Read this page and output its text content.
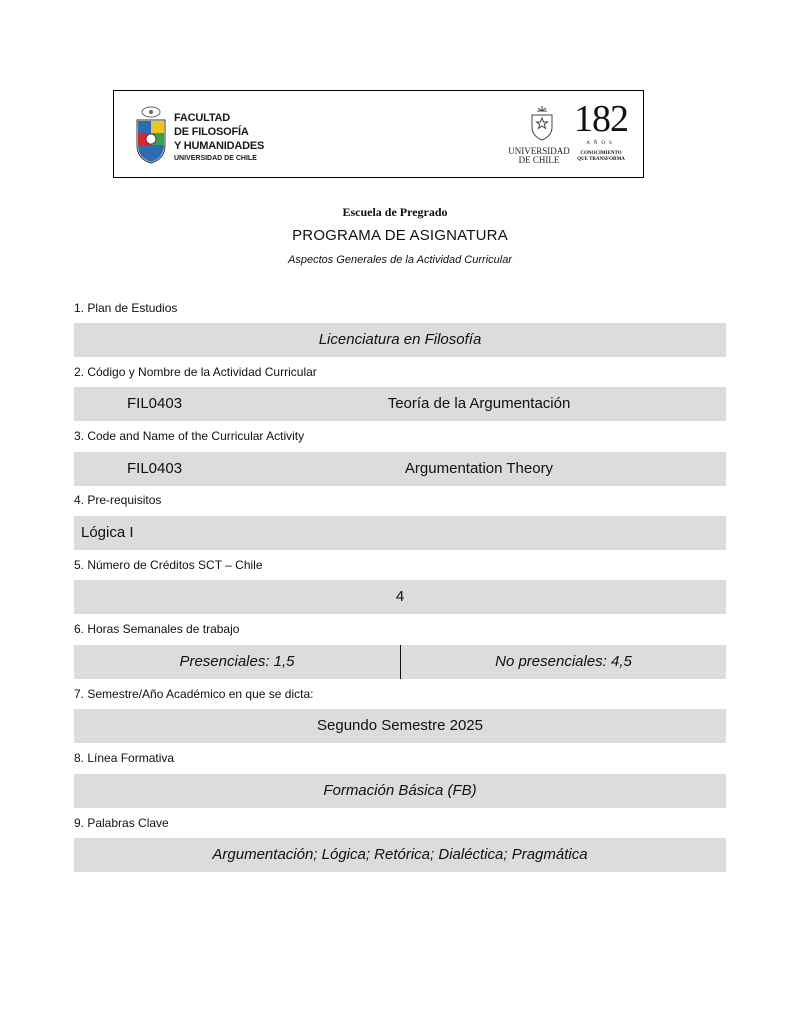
FACULTAD
DE FILOSOFÍA
Y HUMANIDADES
UNIVERSIDAD DE CHILE
UNIVERSIDAD
DE CHILE
182
AÑOS
CONOCIMIENTO
QUE TRANSFORMA
Escuela de Pregrado
PROGRAMA DE ASIGNATURA
Aspectos Generales de la Actividad Curricular
1. Plan de Estudios
Licenciatura en Filosofía
2. Código y Nombre de la Actividad Curricular
FIL0403	Teoría de la Argumentación
3. Code and Name of the Curricular Activity
FIL0403	Argumentation Theory
4. Pre-requisitos
Lógica I
5. Número de Créditos SCT – Chile
4
6. Horas Semanales de trabajo
Presenciales: 1,5	No presenciales: 4,5
7. Semestre/Año Académico en que se dicta:
Segundo Semestre 2025
8. Línea Formativa
Formación Básica (FB)
9. Palabras Clave
Argumentación; Lógica; Retórica; Dialéctica; Pragmática
